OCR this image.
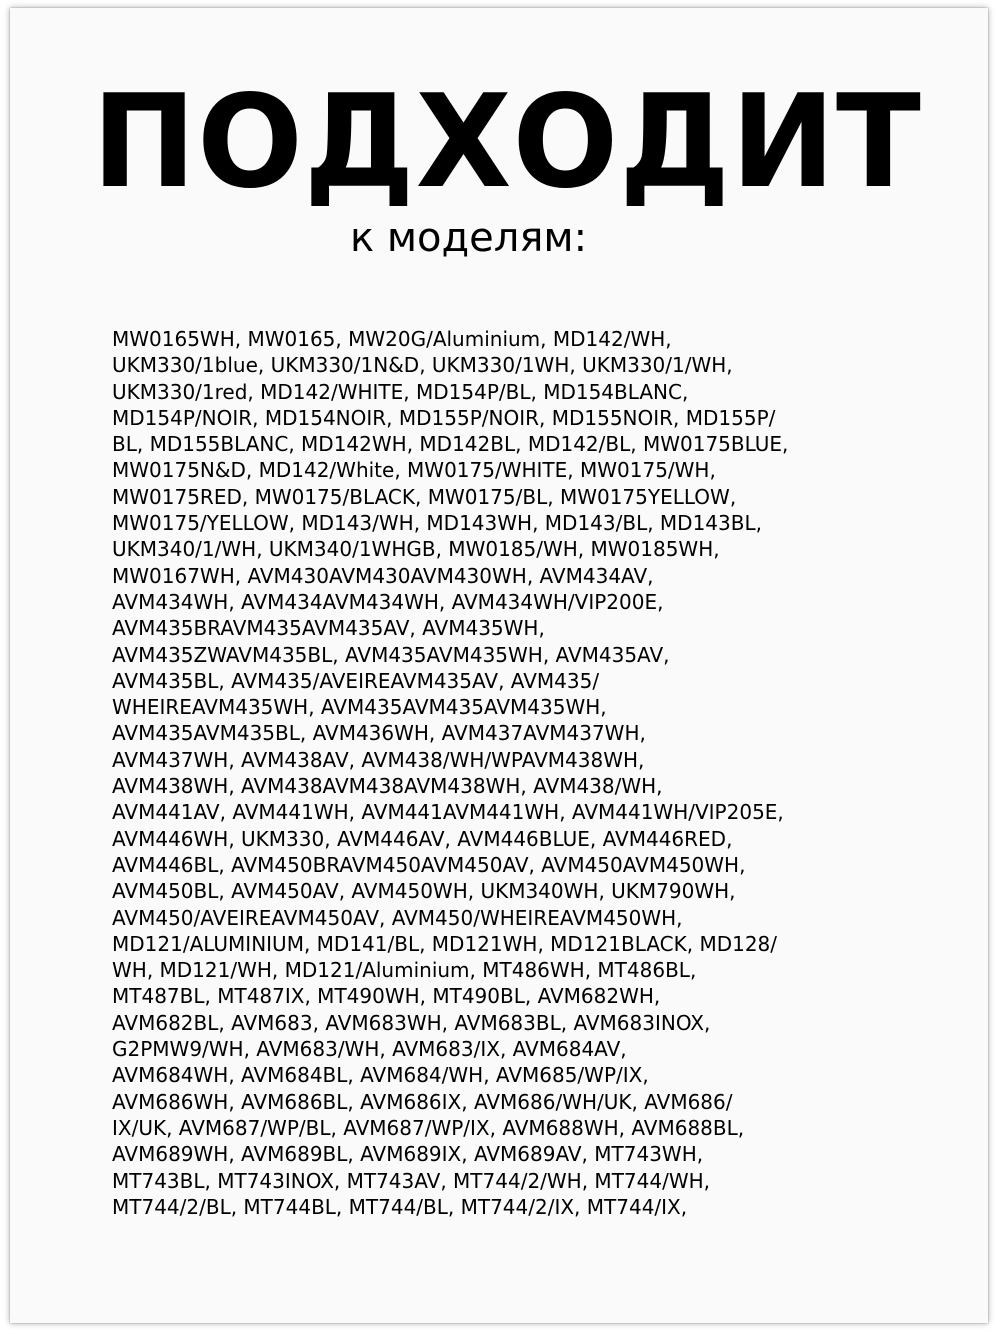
ПОДХОДИТ
к моделям:
MW0165WH, MW0165, MW20G/Aluminium, MD142/WH,
UKM330/1blue, UKM330/1N&D, UKM330/1WH, UKM330/1/WH,
UKM330/1red, MD142/WHITE, MD154P/BL, MD154BLANC,
MD154P/NOIR, MD154NOIR, MD155P/NOIR, MD155NOIR, MD155P/
BL, MD155BLANC, MD142WH, MD142BL, MD142/BL, MW0175BLUE,
MW0175N&D, MD142/White, MW0175/WHITE, MW0175/WH,
MW0175RED, MW0175/BLACK, MW0175/BL, MW0175YELLOW,
MW0175/YELLOW, MD143/WH, MD143WH, MD143/BL, MD143BL,
UKM340/1/WH, UKM340/1WHGB, MW0185/WH, MW0185WH,
MW0167WH, AVM430AVM430AVM430WH, AVM434AV,
AVM434WH, AVM434AVM434WH, AVM434WH/VIP200E,
AVM435BRAVM435AVM435AV, AVM435WH,
AVM435ZWAVM435BL, AVM435AVM435WH, AVM435AV,
AVM435BL, AVM435/AVEIREAVM435AV, AVM435/
WHEIREAVM435WH, AVM435AVM435AVM435WH,
AVM435AVM435BL, AVM436WH, AVM437AVM437WH,
AVM437WH, AVM438AV, AVM438/WH/WPAVM438WH,
AVM438WH, AVM438AVM438AVM438WH, AVM438/WH,
AVM441AV, AVM441WH, AVM441AVM441WH, AVM441WH/VIP205E,
AVM446WH, UKM330, AVM446AV, AVM446BLUE, AVM446RED,
AVM446BL, AVM450BRAVM450AVM450AV, AVM450AVM450WH,
AVM450BL, AVM450AV, AVM450WH, UKM340WH, UKM790WH,
AVM450/AVEIREAVM450AV, AVM450/WHEIREAVM450WH,
MD121/ALUMINIUM, MD141/BL, MD121WH, MD121BLACK, MD128/
WH, MD121/WH, MD121/Aluminium, MT486WH, MT486BL,
MT487BL, MT487IX, MT490WH, MT490BL, AVM682WH,
AVM682BL, AVM683, AVM683WH, AVM683BL, AVM683INOX,
G2PMW9/WH, AVM683/WH, AVM683/IX, AVM684AV,
AVM684WH, AVM684BL, AVM684/WH, AVM685/WP/IX,
AVM686WH, AVM686BL, AVM686IX, AVM686/WH/UK, AVM686/
IX/UK, AVM687/WP/BL, AVM687/WP/IX, AVM688WH, AVM688BL,
AVM689WH, AVM689BL, AVM689IX, AVM689AV, MT743WH,
MT743BL, MT743INOX, MT743AV, MT744/2/WH, MT744/WH,
MT744/2/BL, MT744BL, MT744/BL, MT744/2/IX, MT744/IX,
